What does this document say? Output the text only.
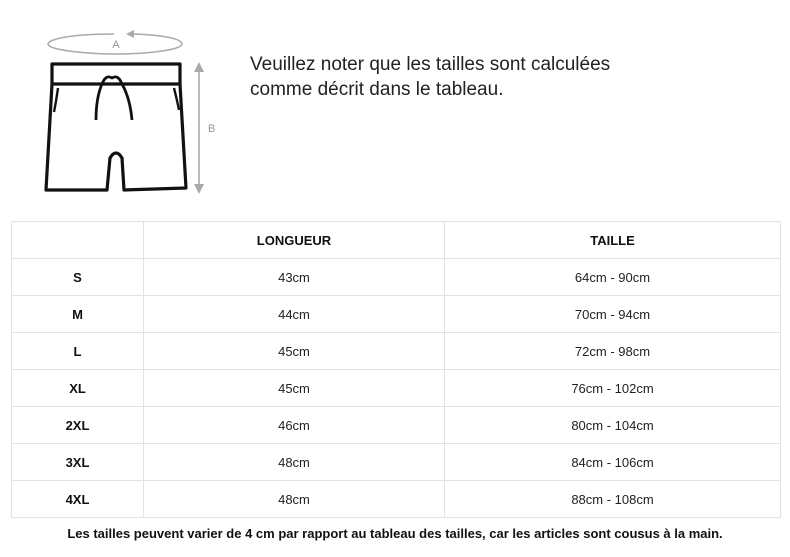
A
B
Veuillez noter que les tailles sont calculées
comme décrit dans le tableau.
	LONGUEUR	TAILLE
S	43cm	64cm - 90cm
M	44cm	70cm - 94cm
L	45cm	72cm - 98cm
XL	45cm	76cm - 102cm
2XL	46cm	80cm - 104cm
3XL	48cm	84cm - 106cm
4XL	48cm	88cm - 108cm
Les tailles peuvent varier de 4 cm par rapport au tableau des tailles, car les articles sont cousus à la main.
